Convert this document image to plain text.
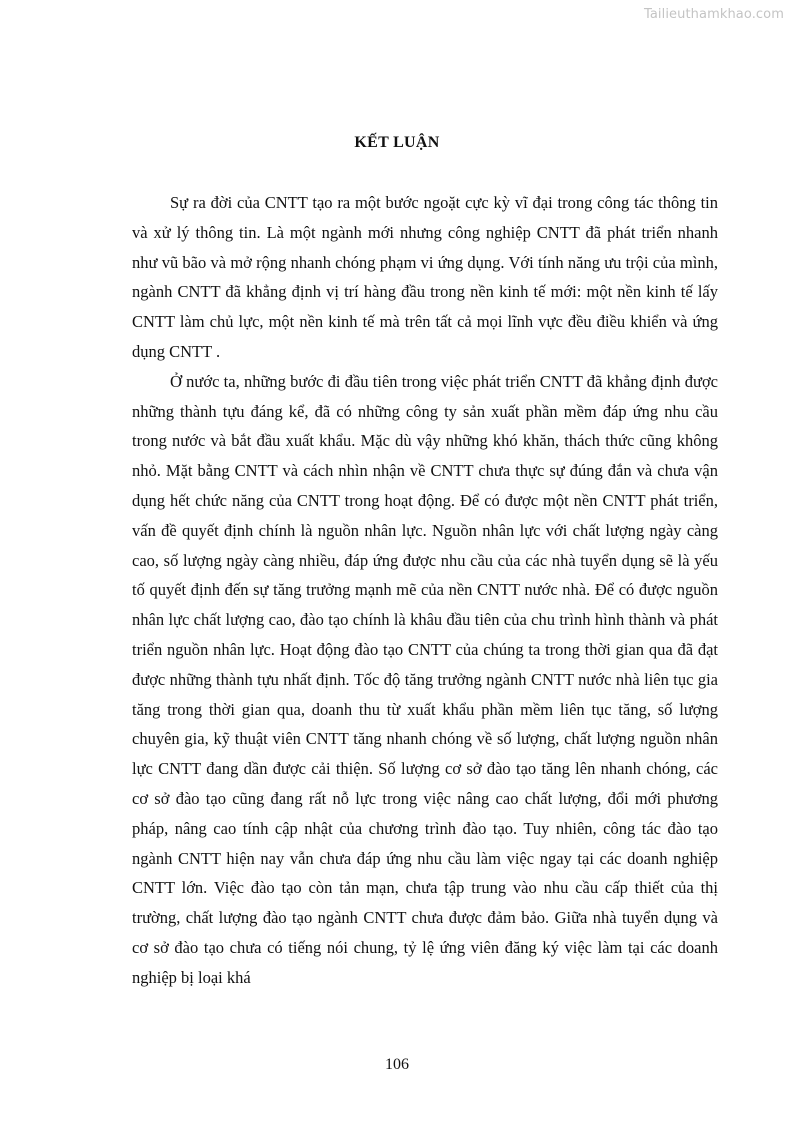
Tailieuthamkhao.com
KẾT LUẬN

Sự ra đời của CNTT tạo ra một bước ngoặt cực kỳ vĩ đại trong công tác thông tin và xử lý thông tin. Là một ngành mới nhưng công nghiệp CNTT đã phát triển nhanh như vũ bão và mở rộng nhanh chóng phạm vi ứng dụng. Với tính năng ưu trội của mình, ngành CNTT đã khẳng định vị trí hàng đầu trong nền kinh tế mới: một nền kinh tế lấy CNTT làm chủ lực, một nền kinh tế mà trên tất cả mọi lĩnh vực đều điều khiển và ứng dụng CNTT .

Ở nước ta, những bước đi đầu tiên trong việc phát triển CNTT đã khẳng định được những thành tựu đáng kể, đã có những công ty sản xuất phần mềm đáp ứng nhu cầu trong nước và bắt đầu xuất khẩu. Mặc dù vậy những khó khăn, thách thức cũng không nhỏ. Mặt bằng CNTT và cách nhìn nhận về CNTT chưa thực sự đúng đắn và chưa vận dụng hết chức năng của CNTT trong hoạt động. Để có được một nền CNTT phát triển, vấn đề quyết định chính là nguồn nhân lực. Nguồn nhân lực với chất lượng ngày càng cao, số lượng ngày càng nhiều, đáp ứng được nhu cầu của các nhà tuyển dụng sẽ là yếu tố quyết định đến sự tăng trưởng mạnh mẽ của nền CNTT nước nhà. Để có được nguồn nhân lực chất lượng cao, đào tạo chính là khâu đầu tiên của chu trình hình thành và phát triển nguồn nhân lực. Hoạt động đào tạo CNTT của chúng ta trong thời gian qua đã đạt được những thành tựu nhất định. Tốc độ tăng trưởng ngành CNTT nước nhà liên tục gia tăng trong thời gian qua, doanh thu từ xuất khẩu phần mềm liên tục tăng, số lượng chuyên gia, kỹ thuật viên CNTT tăng nhanh chóng về số lượng, chất lượng nguồn nhân lực CNTT đang dần được cải thiện. Số lượng cơ sở đào tạo tăng lên nhanh chóng, các cơ sở đào tạo cũng đang rất nỗ lực trong việc nâng cao chất lượng, đổi mới phương pháp, nâng cao tính cập nhật của chương trình đào tạo. Tuy nhiên, công tác đào tạo ngành CNTT hiện nay vẫn chưa đáp ứng nhu cầu làm việc ngay tại các doanh nghiệp CNTT lớn. Việc đào tạo còn tản mạn, chưa tập trung vào nhu cầu cấp thiết của thị trường, chất lượng đào tạo ngành CNTT chưa được đảm bảo. Giữa nhà tuyển dụng và cơ sở đào tạo chưa có tiếng nói chung, tỷ lệ ứng viên đăng ký việc làm tại các doanh nghiệp bị loại khá

106
